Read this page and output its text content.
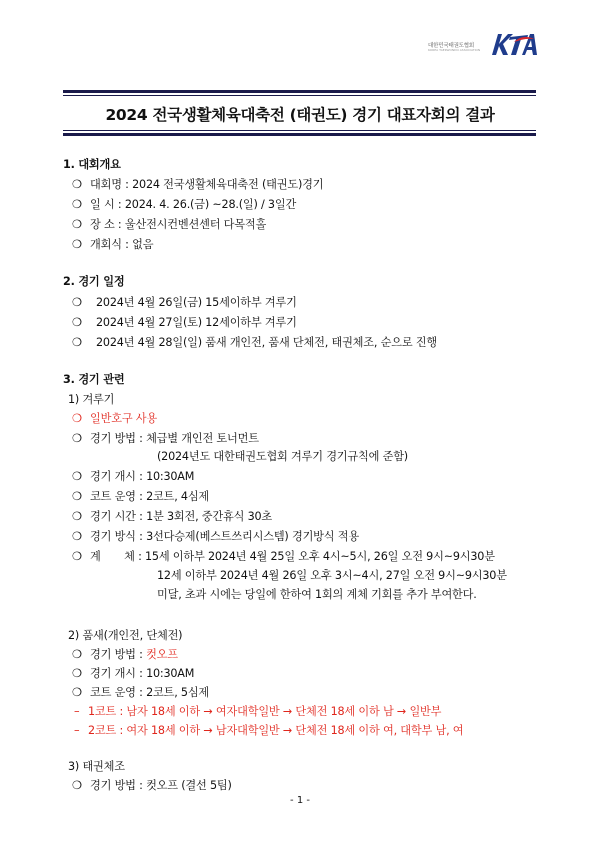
대한민국태권도협회
KOREA TAEKWONDO ASSOCIATION
2024 전국생활체육대축전 (태권도) 경기 대표자회의 결과
1. 대회개요
❍ 대회명 : 2024 전국생활체육대축전 (태권도)경기
❍ 일 시 : 2024. 4. 26.(금) ~28.(일) / 3일간
❍ 장 소 : 울산전시컨벤션센터 다목적홀
❍ 개회식 : 없음
2. 경기 일정
❍ 2024년 4월 26일(금) 15세이하부 겨루기
❍ 2024년 4월 27일(토) 12세이하부 겨루기
❍ 2024년 4월 28일(일) 품새 개인전, 품새 단체전, 태권체조, 순으로 진행
3. 경기 관련
1) 겨루기
❍ 일반호구 사용
❍ 경기 방법 : 체급별 개인전 토너먼트
(2024년도 대한태권도협회 겨루기 경기규칙에 준함)
❍ 경기 개시 : 10:30AM
❍ 코트 운영 : 2코트, 4심제
❍ 경기 시간 : 1분 3회전, 중간휴식 30초
❍ 경기 방식 : 3선다승제(베스트쓰리시스템) 경기방식 적용
❍ 계       체 : 15세 이하부 2024년 4월 25일 오후 4시~5시, 26일 오전 9시~9시30분
12세 이하부 2024년 4월 26일 오후 3시~4시, 27일 오전 9시~9시30분
미달, 초과 시에는 당일에 한하여 1회의 계체 기회를 추가 부여한다.
2) 품새(개인전, 단체전)
❍ 경기 방법 : 컷오프
❍ 경기 개시 : 10:30AM
❍ 코트 운영 : 2코트, 5심제
– 1코트 : 남자 18세 이하 → 여자대학일반 → 단체전 18세 이하 남 → 일반부
– 2코트 : 여자 18세 이하 → 남자대학일반 → 단체전 18세 이하 여, 대학부 남, 여
3) 태권체조
❍ 경기 방법 : 컷오프 (결선 5팀)
- 1 -
